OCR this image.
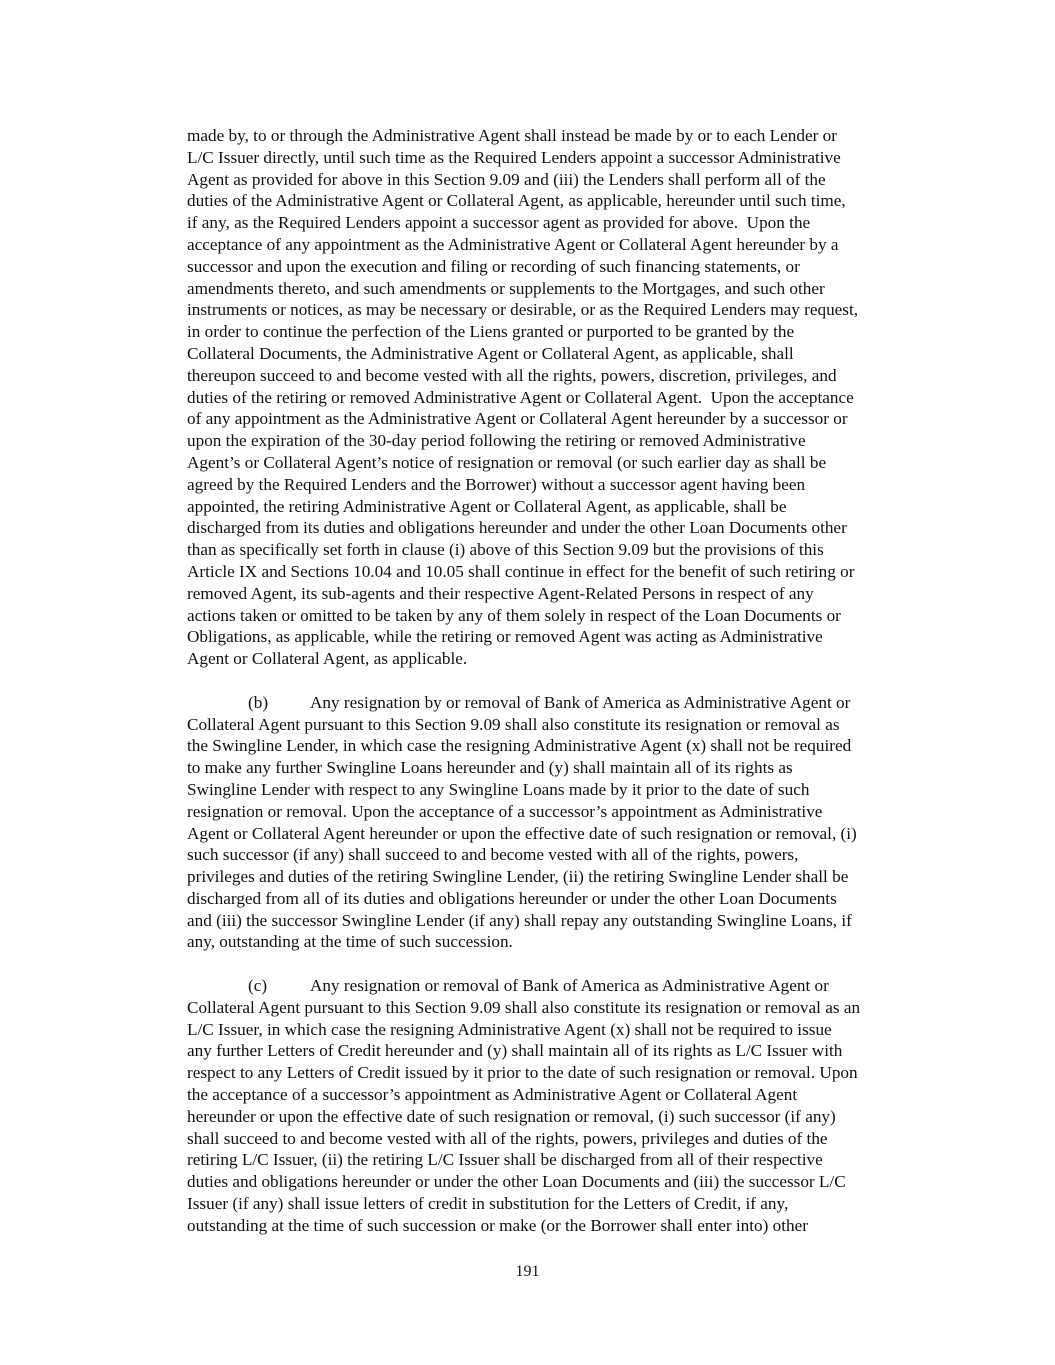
made by, to or through the Administrative Agent shall instead be made by or to each Lender or
L/C Issuer directly, until such time as the Required Lenders appoint a successor Administrative
Agent as provided for above in this Section 9.09 and (iii) the Lenders shall perform all of the
duties of the Administrative Agent or Collateral Agent, as applicable, hereunder until such time,
if any, as the Required Lenders appoint a successor agent as provided for above.  Upon the
acceptance of any appointment as the Administrative Agent or Collateral Agent hereunder by a
successor and upon the execution and filing or recording of such financing statements, or
amendments thereto, and such amendments or supplements to the Mortgages, and such other
instruments or notices, as may be necessary or desirable, or as the Required Lenders may request,
in order to continue the perfection of the Liens granted or purported to be granted by the
Collateral Documents, the Administrative Agent or Collateral Agent, as applicable, shall
thereupon succeed to and become vested with all the rights, powers, discretion, privileges, and
duties of the retiring or removed Administrative Agent or Collateral Agent.  Upon the acceptance
of any appointment as the Administrative Agent or Collateral Agent hereunder by a successor or
upon the expiration of the 30-day period following the retiring or removed Administrative
Agent’s or Collateral Agent’s notice of resignation or removal (or such earlier day as shall be
agreed by the Required Lenders and the Borrower) without a successor agent having been
appointed, the retiring Administrative Agent or Collateral Agent, as applicable, shall be
discharged from its duties and obligations hereunder and under the other Loan Documents other
than as specifically set forth in clause (i) above of this Section 9.09 but the provisions of this
Article IX and Sections 10.04 and 10.05 shall continue in effect for the benefit of such retiring or
removed Agent, its sub-agents and their respective Agent-Related Persons in respect of any
actions taken or omitted to be taken by any of them solely in respect of the Loan Documents or
Obligations, as applicable, while the retiring or removed Agent was acting as Administrative
Agent or Collateral Agent, as applicable.
(b) Any resignation by or removal of Bank of America as Administrative Agent or
Collateral Agent pursuant to this Section 9.09 shall also constitute its resignation or removal as
the Swingline Lender, in which case the resigning Administrative Agent (x) shall not be required
to make any further Swingline Loans hereunder and (y) shall maintain all of its rights as
Swingline Lender with respect to any Swingline Loans made by it prior to the date of such
resignation or removal. Upon the acceptance of a successor’s appointment as Administrative
Agent or Collateral Agent hereunder or upon the effective date of such resignation or removal, (i)
such successor (if any) shall succeed to and become vested with all of the rights, powers,
privileges and duties of the retiring Swingline Lender, (ii) the retiring Swingline Lender shall be
discharged from all of its duties and obligations hereunder or under the other Loan Documents
and (iii) the successor Swingline Lender (if any) shall repay any outstanding Swingline Loans, if
any, outstanding at the time of such succession.
(c) Any resignation or removal of Bank of America as Administrative Agent or
Collateral Agent pursuant to this Section 9.09 shall also constitute its resignation or removal as an
L/C Issuer, in which case the resigning Administrative Agent (x) shall not be required to issue
any further Letters of Credit hereunder and (y) shall maintain all of its rights as L/C Issuer with
respect to any Letters of Credit issued by it prior to the date of such resignation or removal. Upon
the acceptance of a successor’s appointment as Administrative Agent or Collateral Agent
hereunder or upon the effective date of such resignation or removal, (i) such successor (if any)
shall succeed to and become vested with all of the rights, powers, privileges and duties of the
retiring L/C Issuer, (ii) the retiring L/C Issuer shall be discharged from all of their respective
duties and obligations hereunder or under the other Loan Documents and (iii) the successor L/C
Issuer (if any) shall issue letters of credit in substitution for the Letters of Credit, if any,
outstanding at the time of such succession or make (or the Borrower shall enter into) other
191
